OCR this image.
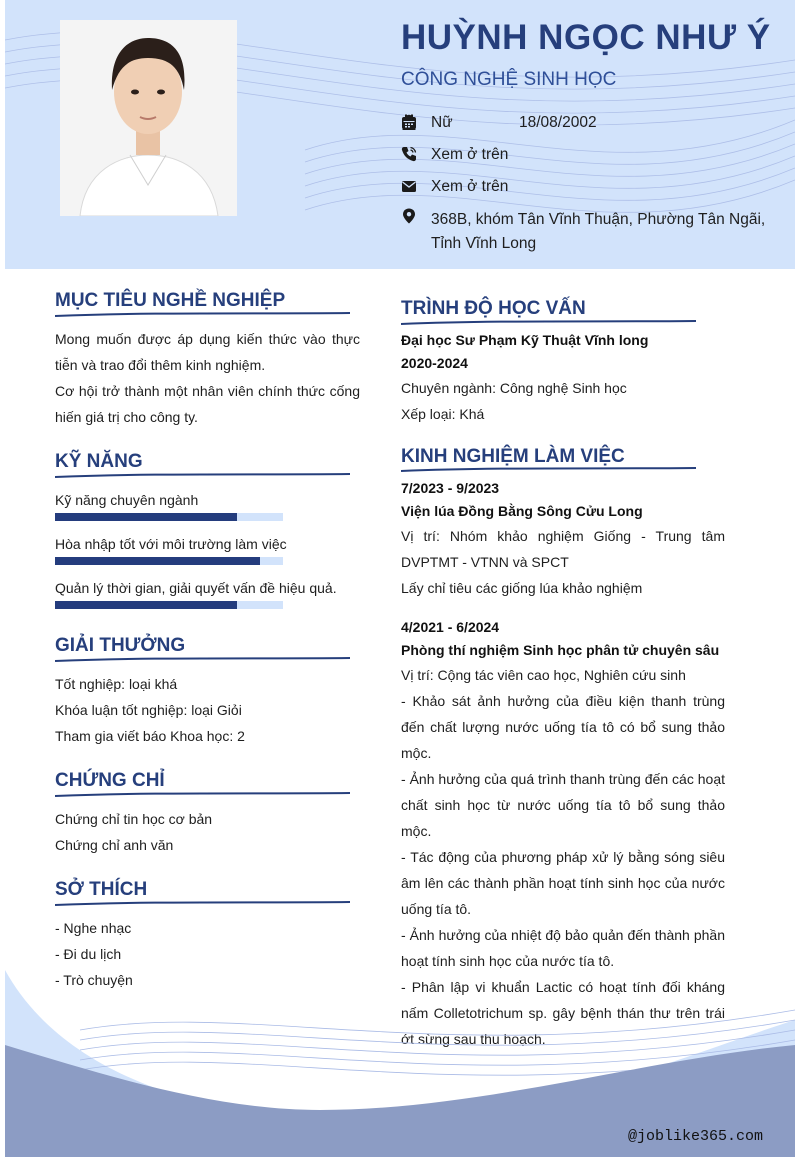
HUỲNH NGỌC NHƯ Ý
CÔNG NGHỆ SINH HỌC
Nữ	18/08/2002
Xem ở trên
Xem ở trên
368B, khóm Tân Vĩnh Thuận, Phường Tân Ngãi, Tỉnh Vĩnh Long
MỤC TIÊU NGHỀ NGHIỆP
Mong muốn được áp dụng kiến thức vào thực tiễn và trao đổi thêm kinh nghiệm.
Cơ hội trở thành một nhân viên chính thức cống hiến giá trị cho công ty.
KỸ NĂNG
Kỹ năng chuyên ngành
Hòa nhập tốt với môi trường làm việc
Quản lý thời gian, giải quyết vấn đề hiệu quả.
GIẢI THƯỞNG
Tốt nghiệp: loại khá
Khóa luận tốt nghiệp: loại Giỏi
Tham gia viết báo Khoa học: 2
CHỨNG CHỈ
Chứng chỉ tin học cơ bản
Chứng chỉ anh văn
SỞ THÍCH
- Nghe nhạc
- Đi du lịch
- Trò chuyện
TRÌNH ĐỘ HỌC VẤN
Đại học Sư Phạm Kỹ Thuật Vĩnh long
2020-2024
Chuyên ngành: Công nghệ Sinh học
Xếp loại: Khá
KINH NGHIỆM LÀM VIỆC
7/2023 - 9/2023
Viện lúa Đồng Bằng Sông Cửu Long
Vị trí: Nhóm khảo nghiệm Giống - Trung tâm DVPTMT - VTNN và SPCT
Lấy chỉ tiêu các giống lúa khảo nghiệm
4/2021 - 6/2024
Phòng thí nghiệm Sinh học phân tử chuyên sâu
Vị trí: Cộng tác viên cao học, Nghiên cứu sinh
- Khảo sát ảnh hưởng của điều kiện thanh trùng đến chất lượng nước uống tía tô có bổ sung thảo mộc.
- Ảnh hưởng của quá trình thanh trùng đến các hoạt chất sinh học từ nước uống tía tô bổ sung thảo mộc.
- Tác động của phương pháp xử lý bằng sóng siêu âm lên các thành phần hoạt tính sinh học của nước uống tía tô.
- Ảnh hưởng của nhiệt độ bảo quản đến thành phần hoạt tính sinh học của nước tía tô.
- Phân lập vi khuẩn Lactic có hoạt tính đối kháng nấm Colletotrichum sp. gây bệnh thán thư trên trái ớt sừng sau thu hoạch.
@joblike365.com
